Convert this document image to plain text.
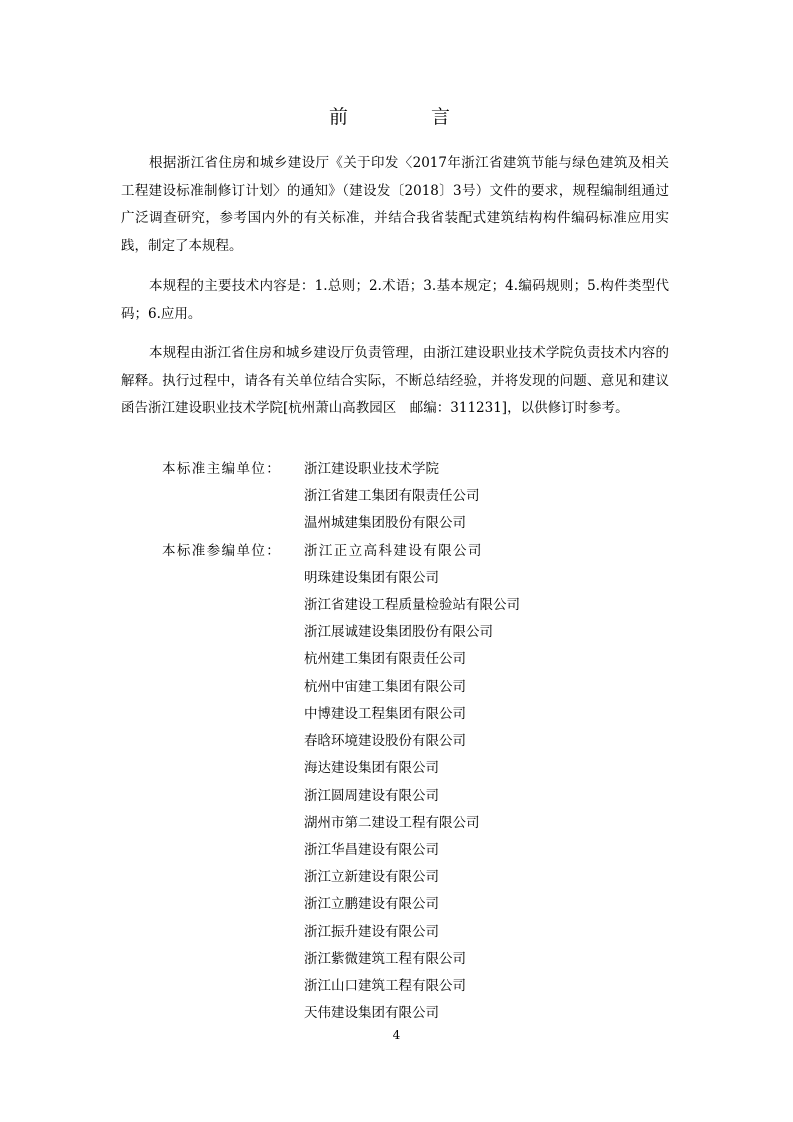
前　言

根据浙江省住房和城乡建设厅《关于印发〈2017年浙江省建筑节能与绿色建筑及相关工程建设标准制修订计划〉的通知》（建设发〔2018〕3号）文件的要求，规程编制组通过广泛调查研究，参考国内外的有关标准，并结合我省装配式建筑结构构件编码标准应用实践，制定了本规程。

本规程的主要技术内容是：1.总则；2.术语；3.基本规定；4.编码规则；5.构件类型代码；6.应用。

本规程由浙江省住房和城乡建设厅负责管理，由浙江建设职业技术学院负责技术内容的解释。执行过程中，请各有关单位结合实际，不断总结经验，并将发现的问题、意见和建议函告浙江建设职业技术学院[杭州萧山高教园区　邮编：311231]，以供修订时参考。

本标准主编单位：	浙江建设职业技术学院
浙江省建工集团有限责任公司
温州城建集团股份有限公司
本标准参编单位：	浙江正立高科建设有限公司
明珠建设集团有限公司
浙江省建设工程质量检验站有限公司
浙江展诚建设集团股份有限公司
杭州建工集团有限责任公司
杭州中宙建工集团有限公司
中博建设工程集团有限公司
春晗环境建设股份有限公司
海达建设集团有限公司
浙江圆周建设有限公司
湖州市第二建设工程有限公司
浙江华昌建设有限公司
浙江立新建设有限公司
浙江立鹏建设有限公司
浙江振升建设有限公司
浙江紫微建筑工程有限公司
浙江山口建筑工程有限公司
天伟建设集团有限公司
4
